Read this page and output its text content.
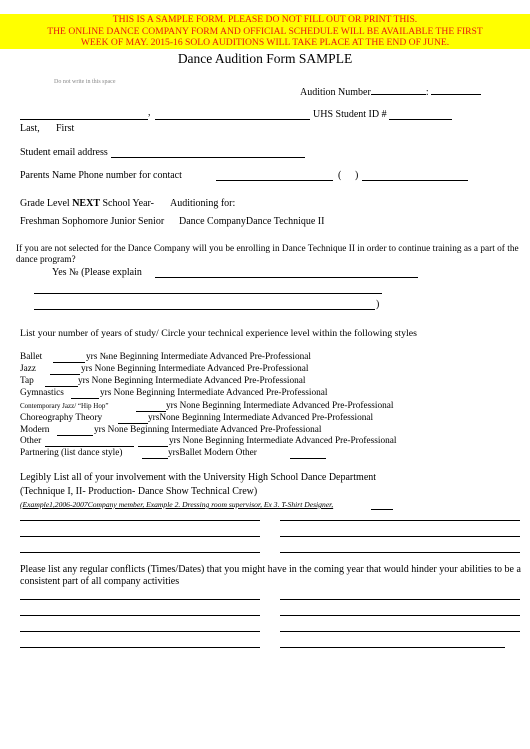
THIS IS A SAMPLE FORM. PLEASE DO NOT FILL OUT OR PRINT THIS.
THE ONLINE DANCE COMPANY FORM AND OFFICIAL SCHEDULE WILL BE AVAILABLE THE FIRST
WEEK OF MAY. 2015-16 SOLO AUDITIONS WILL TAKE PLACE AT THE END OF JUNE.
Dance Audition Form SAMPLE
Do not write in this space
Audition Number	:
,	UHS Student ID #
Last, First
Student email address
Parents Name Phone number for contact	( )
Grade Level NEXT School Year- Auditioning for:
Freshman Sophomore Junior Senior Dance CompanyDance Technique II
If you are not selected for the Dance Company will you be enrolling in Dance Technique II in order to continue training as a part of the dance program?
Yes № (Please explain
)
List your number of years of study/ Circle your technical experience level within the following styles
Ballet	yrs №ne Beginning Intermediate Advanced Pre-Professional
Jazz	yrs None Beginning Intermediate Advanced Pre-Professional
Tap	yrs None Beginning Intermediate Advanced Pre-Professional
Gymnastics	yrs None Beginning Intermediate Advanced Pre-Professional
Contemporary Jazz/ “Hip Hop”	yrs None Beginning Intermediate Advanced Pre-Professional
Choreography Theory	yrsNone Beginning Intermediate Advanced Pre-Professional
Modern	yrs None Beginning Intermediate Advanced Pre-Professional
Other	yrs None Beginning Intermediate Advanced Pre-Professional
Partnering (list dance style)	yrsBallet Modern Other
Legibly List all of your involvement with the University High School Dance Department
(Technique I, II- Production- Dance Show Technical Crew)
(Example1,2006-2007Company member, Example 2. Dressing room supervisor, Ex 3. T-Shirt Designer,
Please list any regular conflicts (Times/Dates) that you might have in the coming year that would hinder your abilities to be a consistent part of all company activities
